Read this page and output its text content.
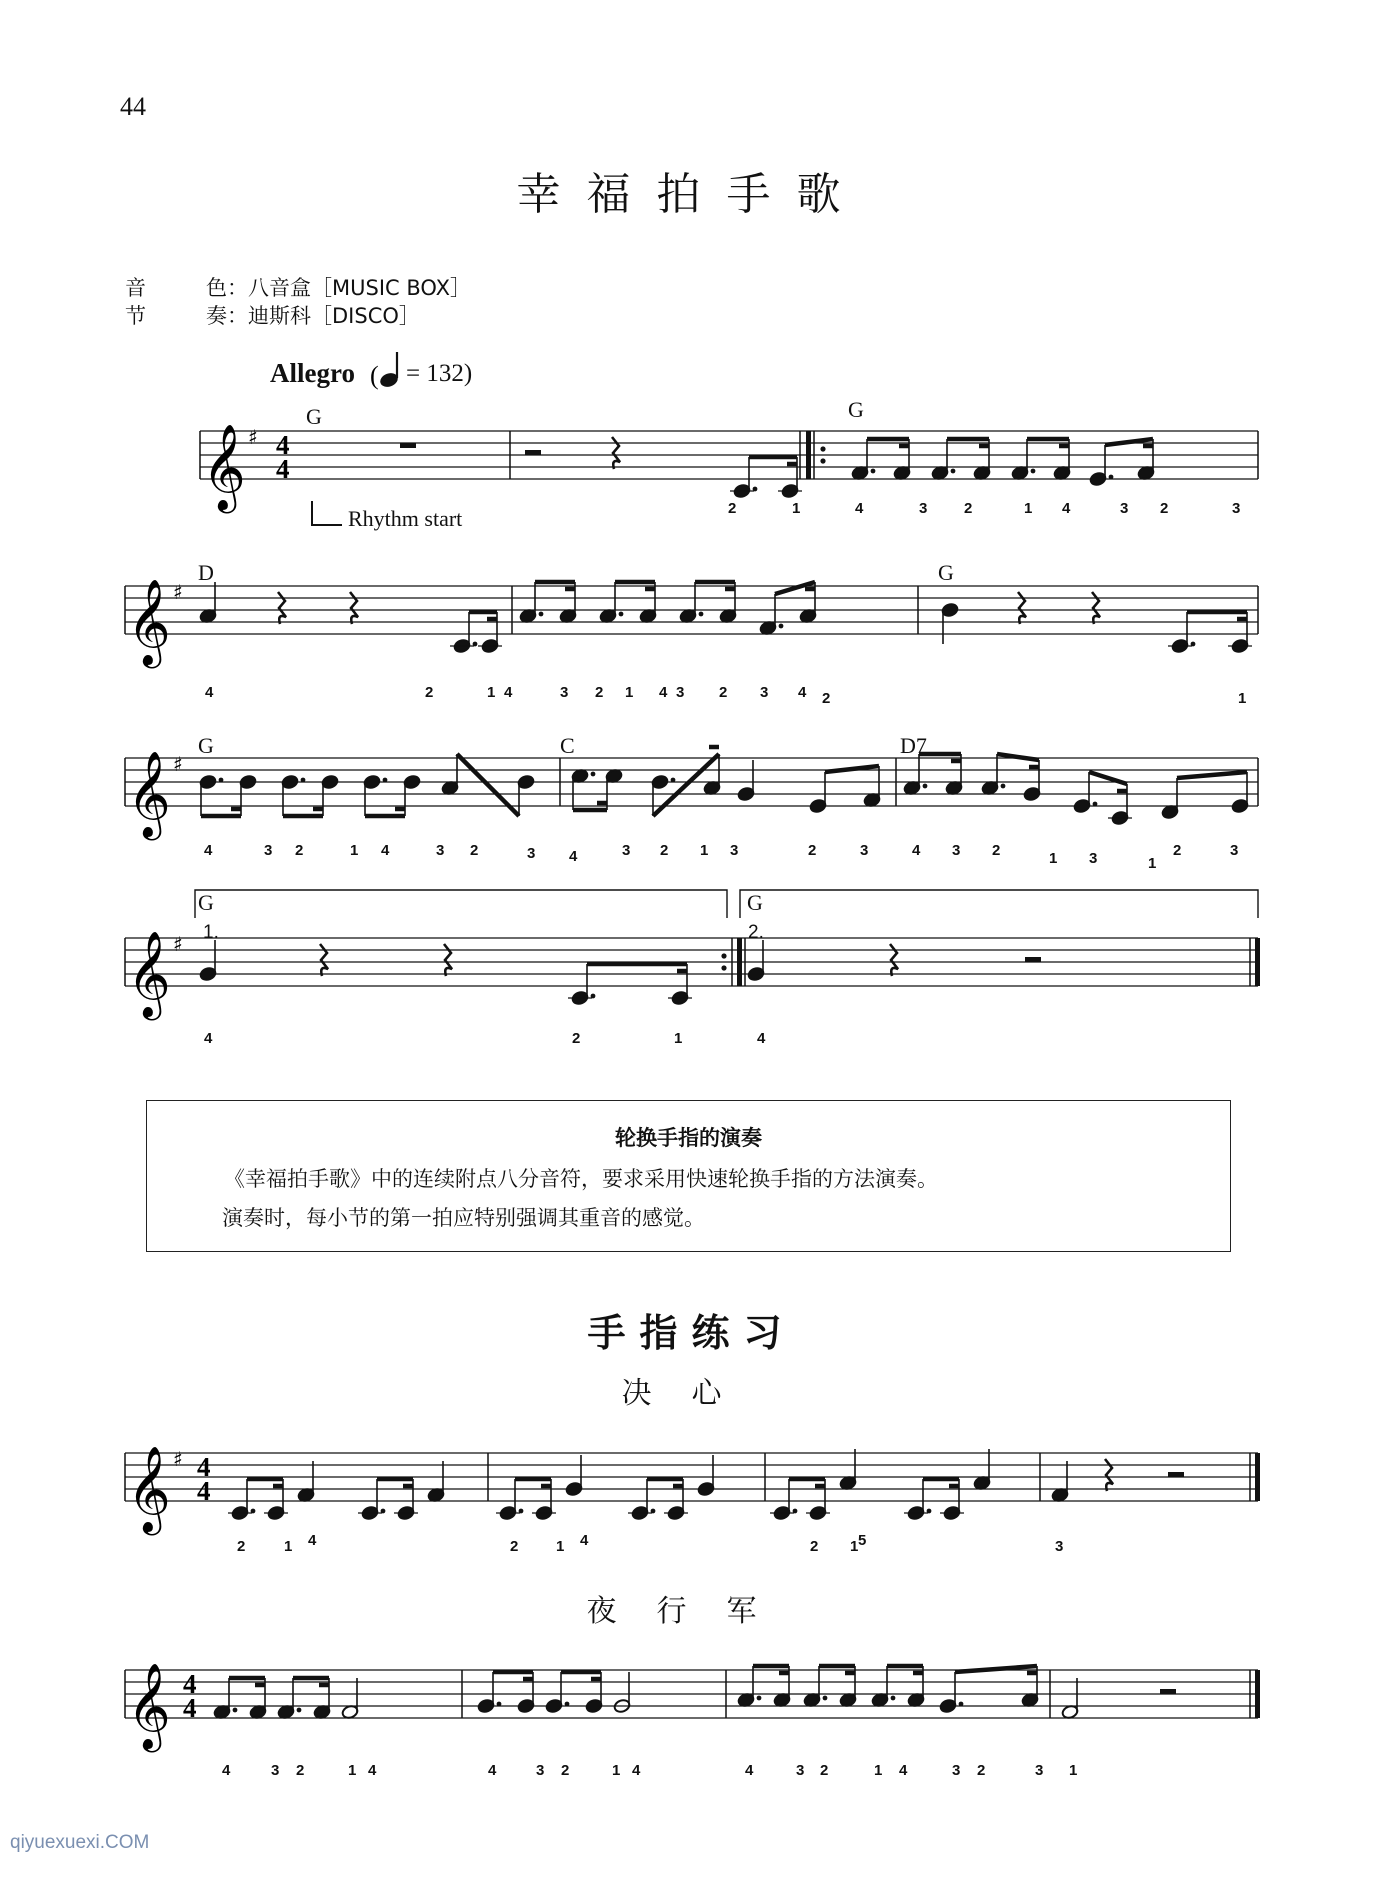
44
幸福拍手歌
音	色：八音盒［MUSIC BOX］
节	奏：迪斯科［DISCO］
Allegro ( = 132)
G	G
D	G
G	C	D7
G	G
Rhythm start
1.	2.
𝄞 ♯
𝄞 ♯
𝄞 ♯
𝄞 ♯
𝄞 ♯
𝄞
4
4
4
4
4
4
2	1	4	3 2	1 4	3 2	3
4	2	1 4	3 2 1 4 3 2 3 4 2	1
4	3 2	1 4	3 2	3 4	3 2 1 3	2	3	4 3 2	1 3	1
2	3
4	2	1	4
2	1 4	2	1 4	2 1 5	3
4	3 2	1 4	4	3 2	1 4	4	3 2	1 4	3 2	3 1
轮换手指的演奏
《幸福拍手歌》中的连续附点八分音符，要求采用快速轮换手指的方法演奏。
演奏时，每小节的第一拍应特别强调其重音的感觉。
手指练习
决心
夜行军
qiyuexuexi.COM
